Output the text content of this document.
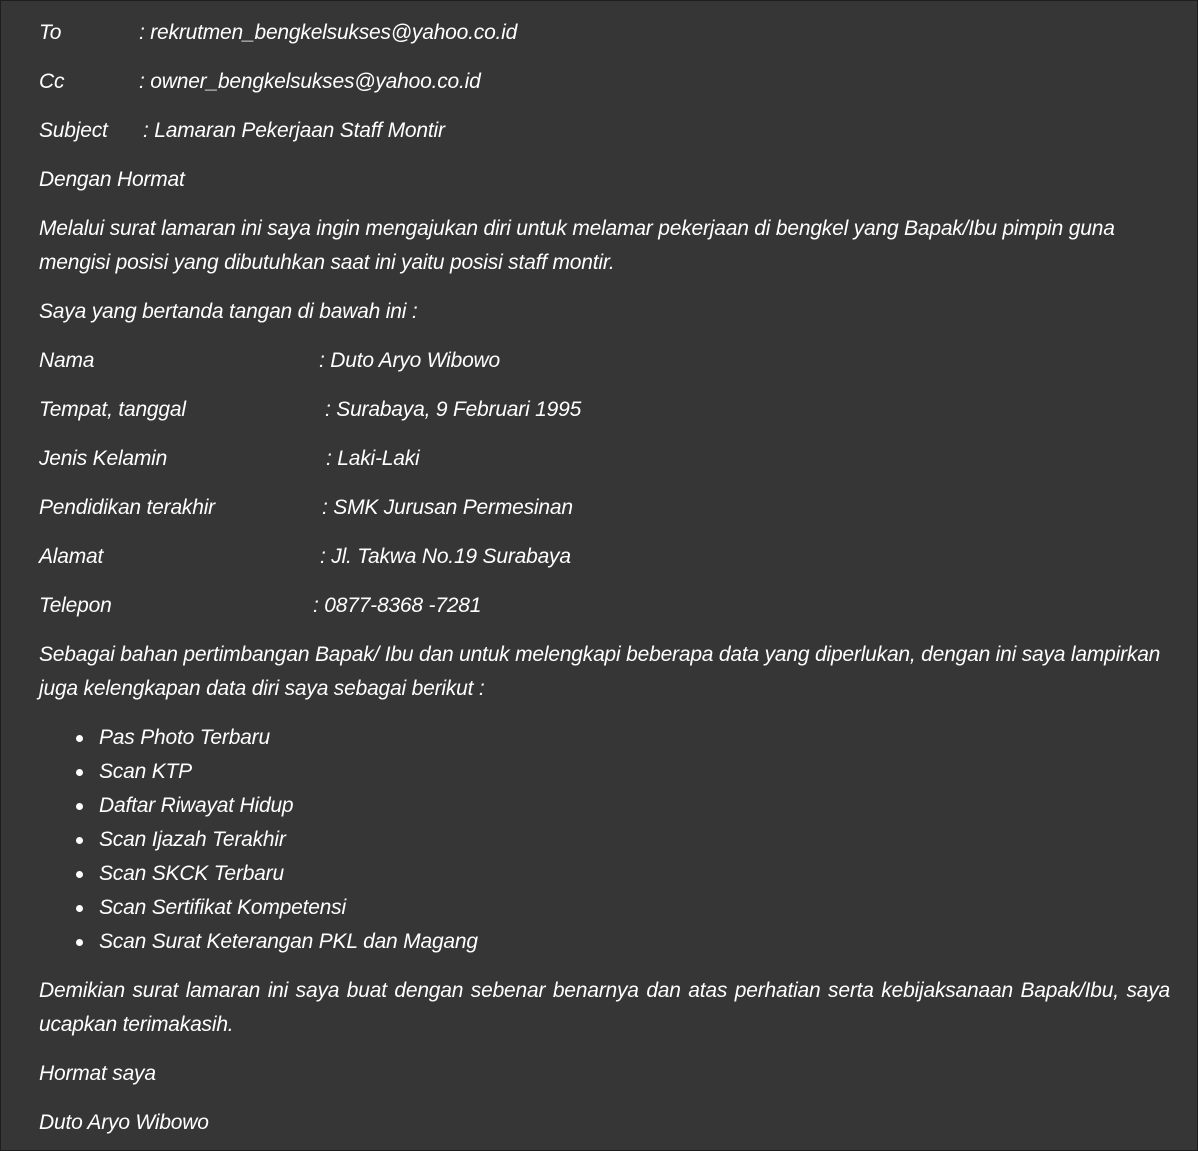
To	: rekrutmen_bengkelsukses@yahoo.co.id
Cc	: owner_bengkelsukses@yahoo.co.id
Subject : Lamaran Pekerjaan Staff Montir
Dengan Hormat
Melalui surat lamaran ini saya ingin mengajukan diri untuk melamar pekerjaan di bengkel yang Bapak/Ibu pimpin guna mengisi posisi yang dibutuhkan saat ini yaitu posisi staff montir.
Saya yang bertanda tangan di bawah ini :
Nama	: Duto Aryo Wibowo
Tempat, tanggal	: Surabaya, 9 Februari 1995
Jenis Kelamin	: Laki-Laki
Pendidikan terakhir	: SMK Jurusan Permesinan
Alamat	: Jl. Takwa No.19 Surabaya
Telepon	: 0877-8368 -7281
Sebagai bahan pertimbangan Bapak/ Ibu dan untuk melengkapi beberapa data yang diperlukan, dengan ini saya lampirkan juga kelengkapan data diri saya sebagai berikut :
Pas Photo Terbaru
Scan KTP
Daftar Riwayat Hidup
Scan Ijazah Terakhir
Scan SKCK Terbaru
Scan Sertifikat Kompetensi
Scan Surat Keterangan PKL dan Magang
Demikian surat lamaran ini saya buat dengan sebenar benarnya dan atas perhatian serta kebijaksanaan Bapak/Ibu, saya ucapkan terimakasih.
Hormat saya
Duto Aryo Wibowo
